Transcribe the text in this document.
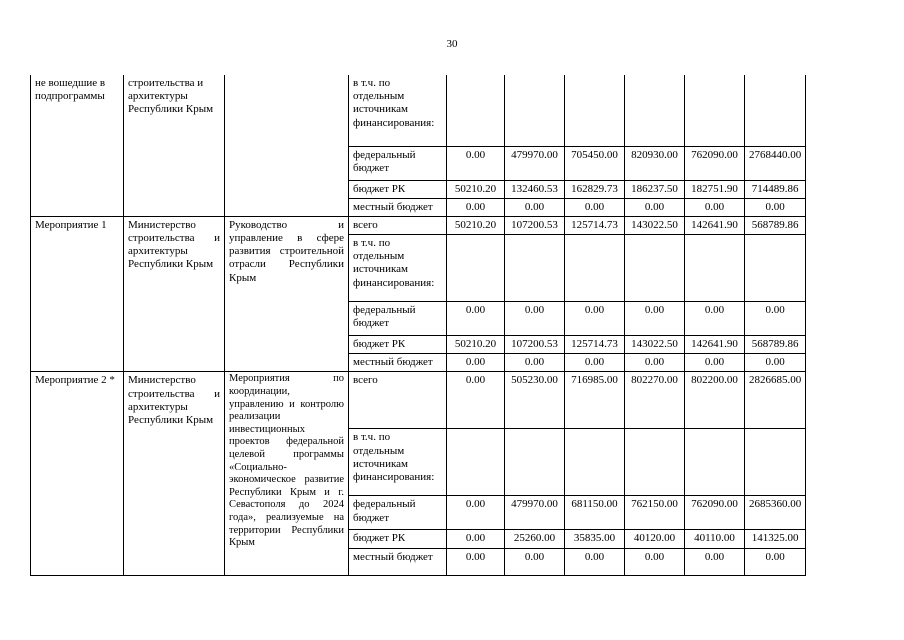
30
не вошедшие в подпрограммы	строительства и архитектуры Республики Крым		в т.ч. по отдельным источникам финансирования:						
			федеральный бюджет	0.00	479970.00	705450.00	820930.00	762090.00	2768440.00
			бюджет РК	50210.20	132460.53	162829.73	186237.50	182751.90	714489.86
			местный бюджет	0.00	0.00	0.00	0.00	0.00	0.00
Мероприятие 1	Министерство строительства и архитектуры Республики Крым	Руководство и управление в сфере развития строительной отрасли Республики Крым	всего	50210.20	107200.53	125714.73	143022.50	142641.90	568789.86
			в т.ч. по отдельным источникам финансирования:						
			федеральный бюджет	0.00	0.00	0.00	0.00	0.00	0.00
			бюджет РК	50210.20	107200.53	125714.73	143022.50	142641.90	568789.86
			местный бюджет	0.00	0.00	0.00	0.00	0.00	0.00
Мероприятие 2 *	Министерство строительства и архитектуры Республики Крым	Мероприятия по координации, управлению и контролю реализации инвестиционных проектов федеральной целевой программы «Социально-экономическое развитие Республики Крым и г. Севастополя до 2024 года», реализуемые на территории Республики Крым	всего	0.00	505230.00	716985.00	802270.00	802200.00	2826685.00
			в т.ч. по отдельным источникам финансирования:						
			федеральный бюджет	0.00	479970.00	681150.00	762150.00	762090.00	2685360.00
			бюджет РК	0.00	25260.00	35835.00	40120.00	40110.00	141325.00
			местный бюджет	0.00	0.00	0.00	0.00	0.00	0.00
